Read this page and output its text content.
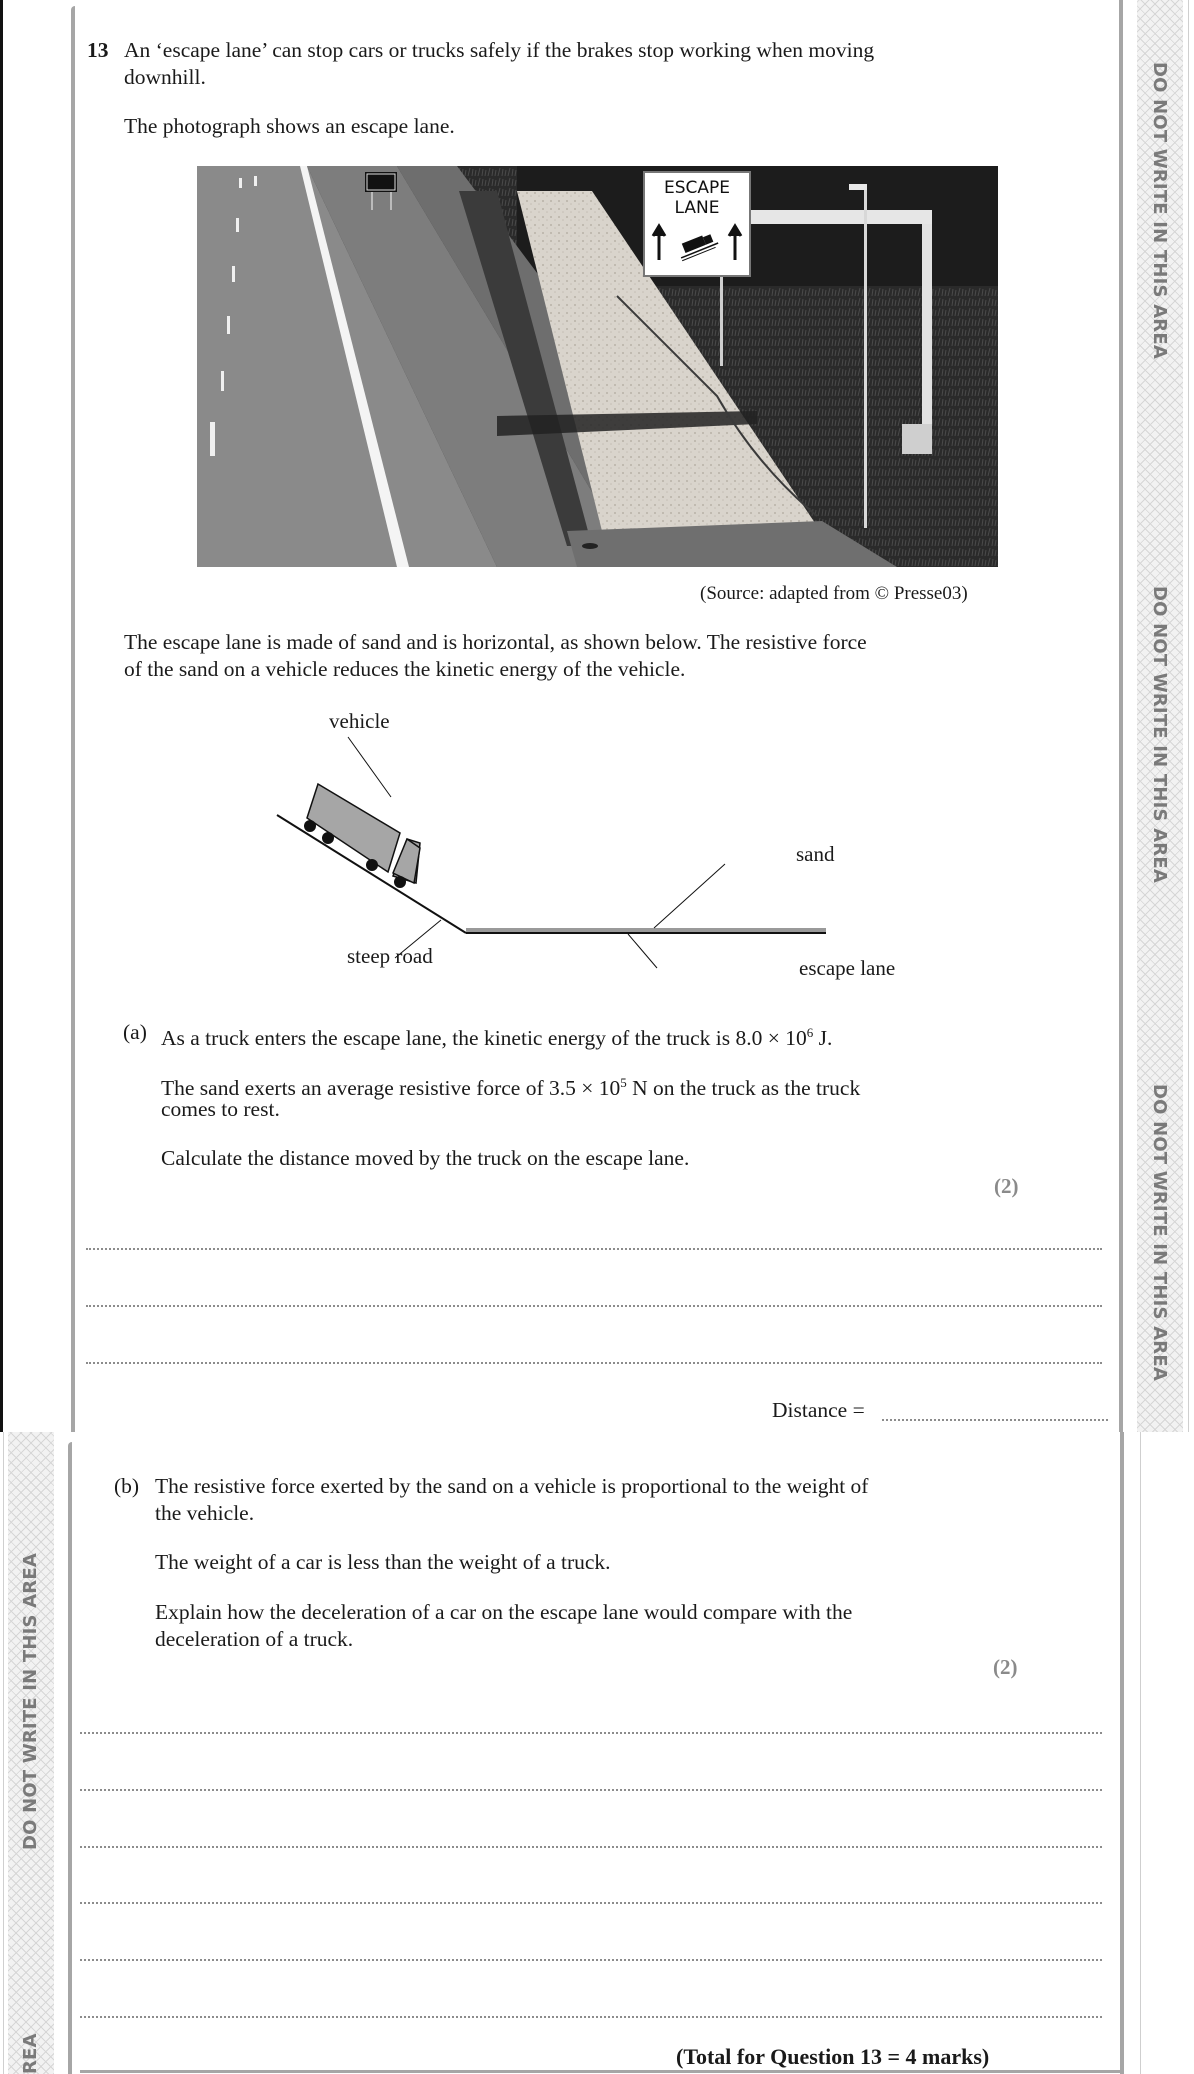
DO NOT WRITE IN THIS AREA
DO NOT WRITE IN THIS AREA
DO NOT WRITE IN THIS AREA
13 An ‘escape lane’ can stop cars or trucks safely if the brakes stop working when moving
downhill.
The photograph shows an escape lane.
ESCAPE
LANE
(Source: adapted from © Presse03)
The escape lane is made of sand and is horizontal, as shown below. The resistive force
of the sand on a vehicle reduces the kinetic energy of the vehicle.
vehicle
sand
steep road	escape lane
(a) As a truck enters the escape lane, the kinetic energy of the truck is $8.0 \times 10^6$ J.
The sand exerts an average resistive force of $3.5 \times 10^5$ N on the truck as the truck
comes to rest.
Calculate the distance moved by the truck on the escape lane.
(2)
Distance =
DO NOT WRITE IN THIS AREA
REA
(b) The resistive force exerted by the sand on a vehicle is proportional to the weight of
the vehicle.
The weight of a car is less than the weight of a truck.
Explain how the deceleration of a car on the escape lane would compare with the
deceleration of a truck.
(2)
(Total for Question 13 = 4 marks)
